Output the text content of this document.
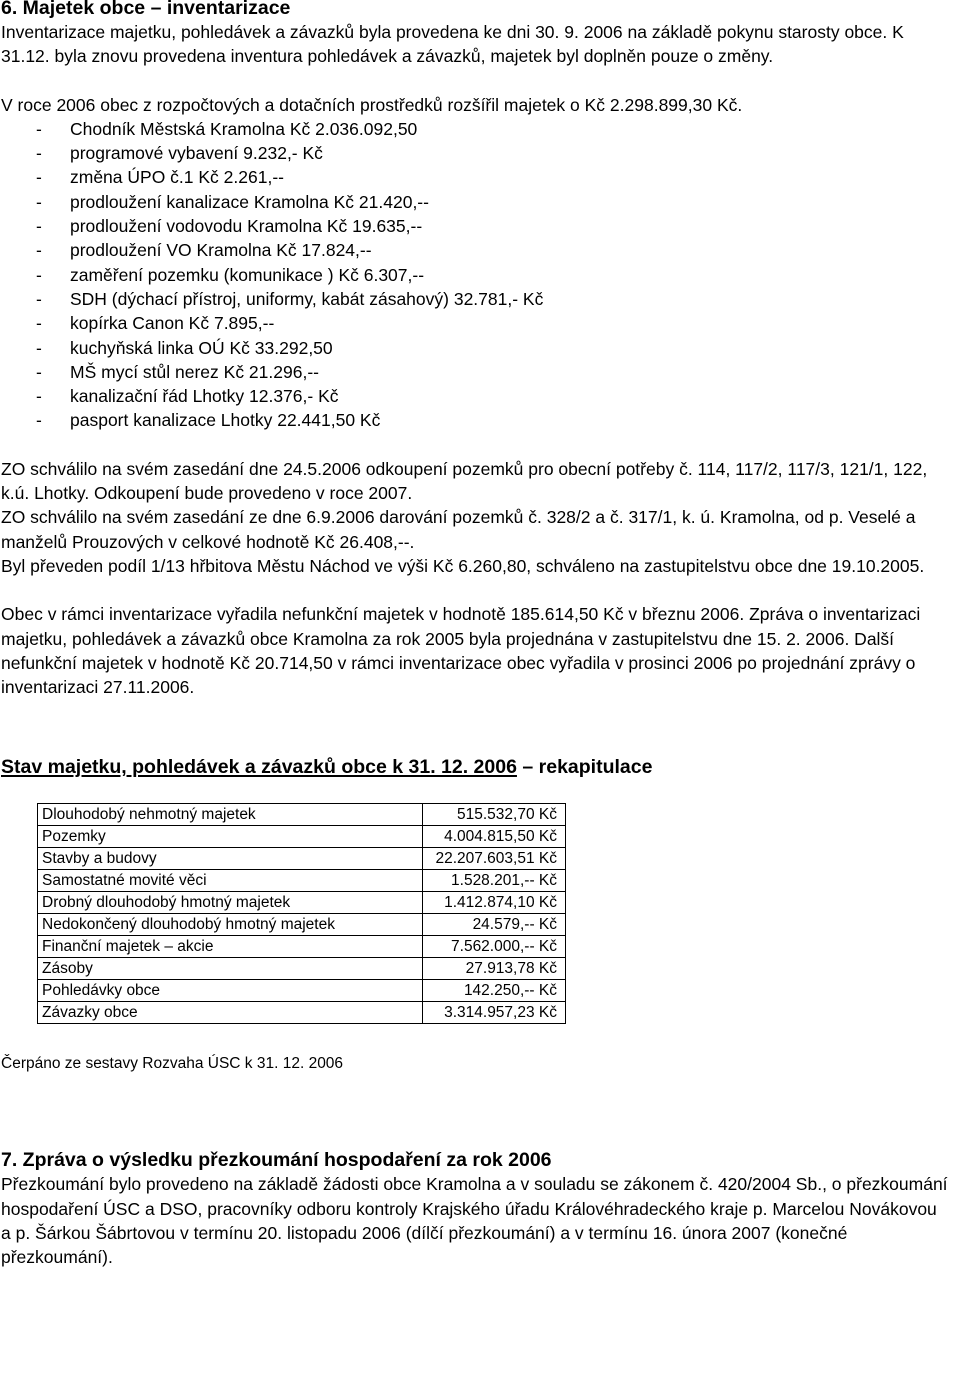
6. Majetek obce – inventarizace

Inventarizace majetku, pohledávek a závazků byla provedena ke dni 30. 9. 2006 na základě pokynu starosty obce. K 31.12. byla znovu provedena inventura pohledávek a závazků, majetek byl doplněn pouze o změny.

V roce 2006 obec z rozpočtových a dotačních prostředků rozšířil majetek o Kč 2.298.899,30 Kč.

-	Chodník Městská Kramolna Kč 2.036.092,50
-	programové vybavení 9.232,- Kč
-	změna ÚPO č.1 Kč 2.261,--
-	prodloužení kanalizace Kramolna Kč 21.420,--
-	prodloužení vodovodu Kramolna Kč 19.635,--
-	prodloužení VO Kramolna Kč 17.824,--
-	zaměření pozemku (komunikace ) Kč 6.307,--
-	SDH (dýchací přístroj, uniformy, kabát zásahový) 32.781,- Kč
-	kopírka Canon Kč 7.895,--
-	kuchyňská linka OÚ Kč 33.292,50
-	MŠ mycí stůl nerez Kč 21.296,--
-	kanalizační řád Lhotky 12.376,- Kč
-	pasport kanalizace Lhotky 22.441,50 Kč

ZO schválilo na svém zasedání dne 24.5.2006 odkoupení pozemků pro obecní potřeby č. 114, 117/2, 117/3, 121/1, 122, k.ú. Lhotky. Odkoupení bude provedeno v roce 2007.

ZO schválilo na svém zasedání ze dne 6.9.2006 darování pozemků č. 328/2 a č. 317/1, k. ú. Kramolna, od p. Veselé a manželů Prouzových v celkové hodnotě Kč 26.408,--.

Byl převeden podíl 1/13 hřbitova Městu Náchod ve výši Kč 6.260,80, schváleno na zastupitelstvu obce dne 19.10.2005.

Obec v rámci inventarizace vyřadila nefunkční majetek v hodnotě 185.614,50 Kč v březnu 2006. Zpráva o inventarizaci majetku, pohledávek a závazků obce Kramolna za rok 2005 byla projednána v zastupitelstvu dne 15. 2. 2006. Další nefunkční majetek v hodnotě Kč 20.714,50 v rámci inventarizace obec vyřadila v prosinci 2006 po projednání zprávy o inventarizaci 27.11.2006.

Stav majetku, pohledávek a závazků obce k 31. 12. 2006 – rekapitulace
Dlouhodobý nehmotný majetek	515.532,70 Kč
Pozemky	4.004.815,50 Kč
Stavby a budovy	22.207.603,51 Kč
Samostatné movité věci	1.528.201,-- Kč
Drobný dlouhodobý hmotný majetek	1.412.874,10 Kč
Nedokončený dlouhodobý hmotný majetek	24.579,-- Kč
Finanční majetek – akcie	7.562.000,-- Kč
Zásoby	27.913,78 Kč
Pohledávky obce	142.250,-- Kč
Závazky obce	3.314.957,23 Kč

Čerpáno ze sestavy Rozvaha ÚSC k 31. 12. 2006

7. Zpráva o výsledku přezkoumání hospodaření za rok 2006

Přezkoumání bylo provedeno na základě žádosti obce Kramolna a v souladu se zákonem č. 420/2004 Sb., o přezkoumání hospodaření ÚSC a DSO, pracovníky odboru kontroly Krajského úřadu Královéhradeckého kraje p. Marcelou Novákovou a p. Šárkou Šábrtovou v termínu 20. listopadu 2006 (dílčí přezkoumání) a v termínu 16. února 2007 (konečné přezkoumání).
